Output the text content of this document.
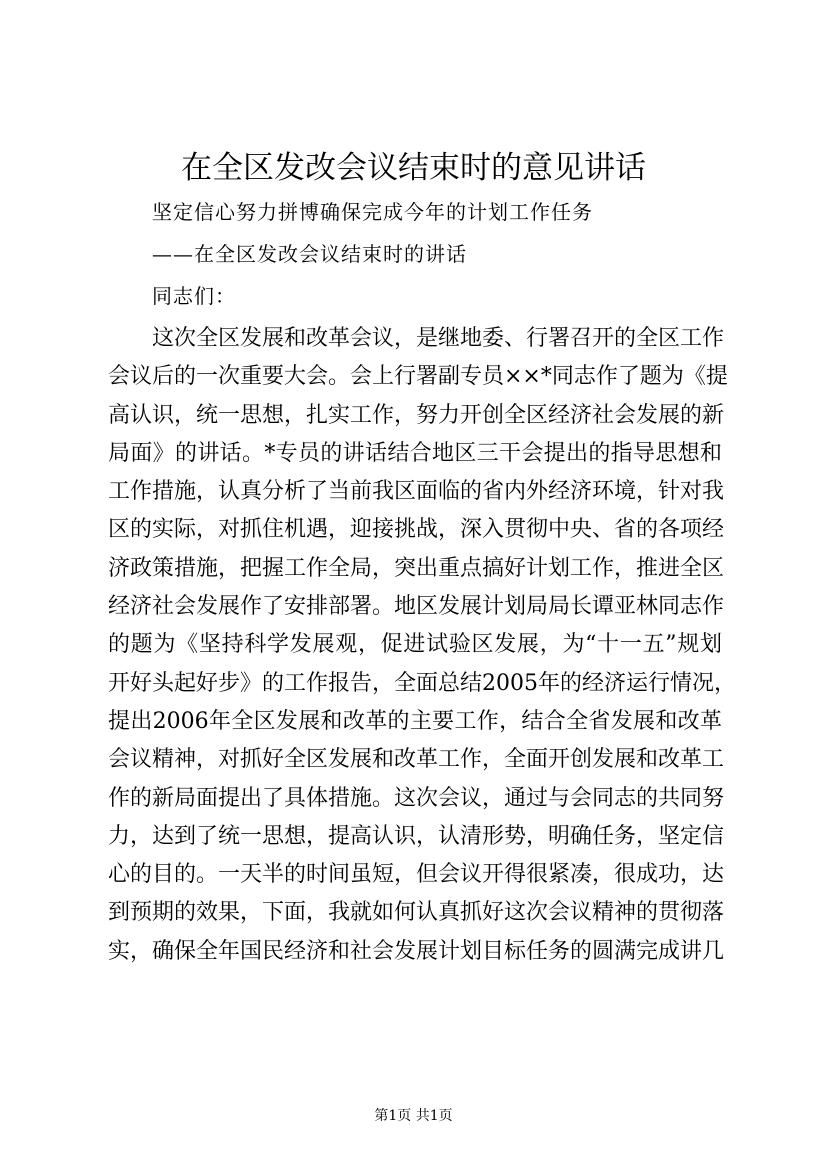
在全区发改会议结束时的意见讲话
坚定信心努力拼博确保完成今年的计划工作任务
——在全区发改会议结束时的讲话
同志们：
这次全区发展和改革会议，是继地委、行署召开的全区工作
会议后的一次重要大会。会上行署副专员××*同志作了题为《提
高认识，统一思想，扎实工作，努力开创全区经济社会发展的新
局面》的讲话。*专员的讲话结合地区三干会提出的指导思想和
工作措施，认真分析了当前我区面临的省内外经济环境，针对我
区的实际，对抓住机遇，迎接挑战，深入贯彻中央、省的各项经
济政策措施，把握工作全局，突出重点搞好计划工作，推进全区
经济社会发展作了安排部署。地区发展计划局局长谭亚林同志作
的题为《坚持科学发展观，促进试验区发展，为“十一五”规划
开好头起好步》的工作报告，全面总结2005年的经济运行情况，
提出2006年全区发展和改革的主要工作，结合全省发展和改革
会议精神，对抓好全区发展和改革工作，全面开创发展和改革工
作的新局面提出了具体措施。这次会议，通过与会同志的共同努
力，达到了统一思想，提高认识，认清形势，明确任务，坚定信
心的目的。一天半的时间虽短，但会议开得很紧凑，很成功，达
到预期的效果，下面，我就如何认真抓好这次会议精神的贯彻落
实，确保全年国民经济和社会发展计划目标任务的圆满完成讲几
第1页 共1页
